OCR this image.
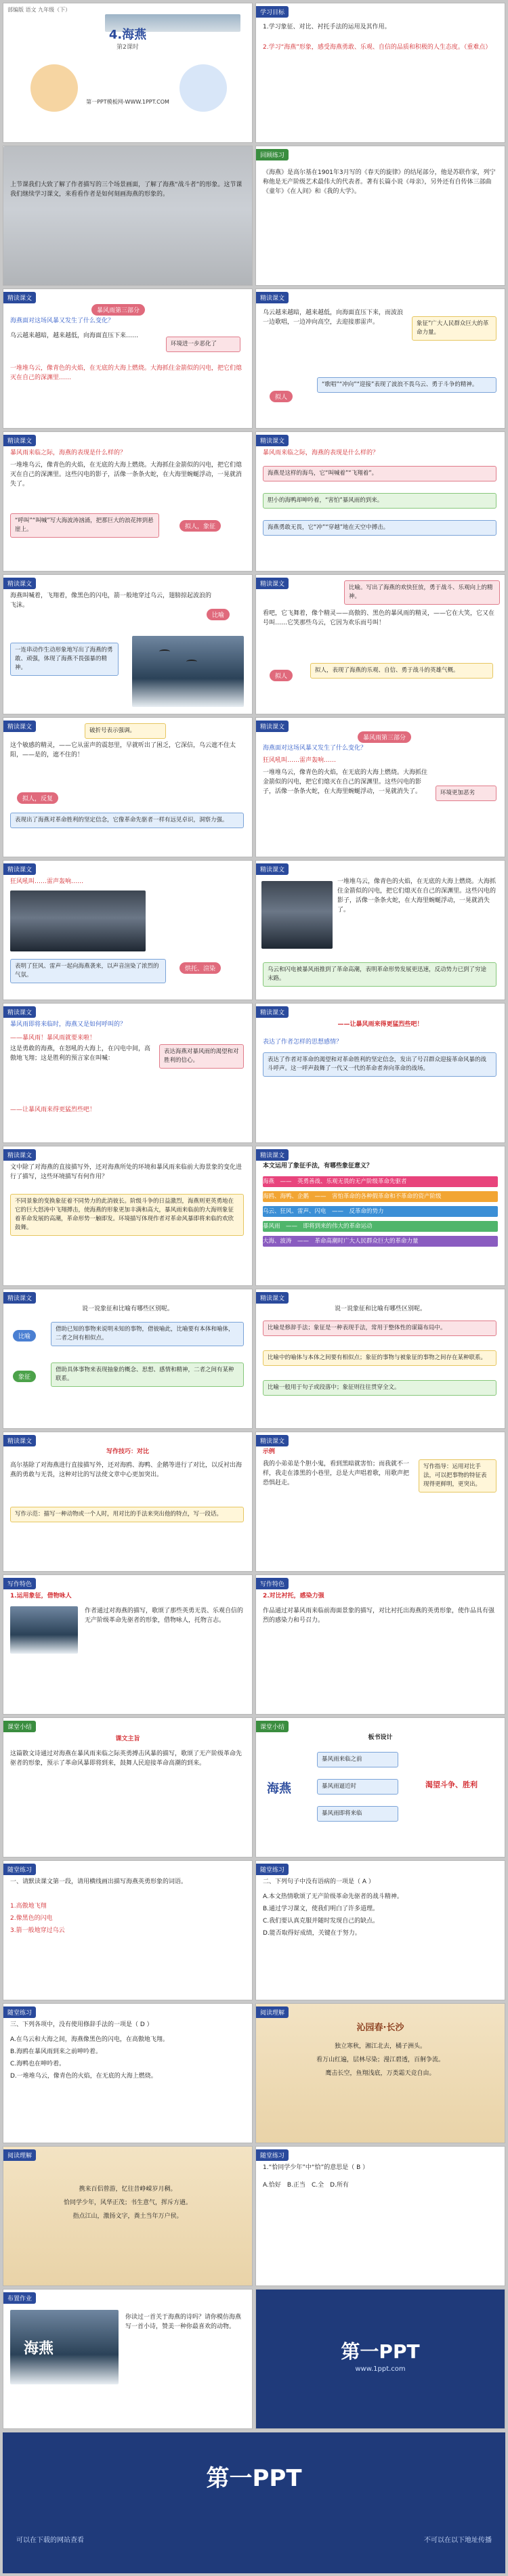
部编版 语文 九年级（下）
4.海燕
第2课时
第一PPT模板网-WWW.1PPT.COM
学习目标
1.学习象征、对比、衬托手法的运用及其作用。
2.学习“海燕”形象，感受海燕勇敢、乐观、自信的品质和积极的人生态度。（重难点）
上节课我们大致了解了作者描写的三个场景画面，了解了海燕“战斗者”的形象。这节课我们继续学习课文，来看看作者是如何刻画海燕的形象的。
回顾练习
《海燕》是高尔基在1901年3月写的《春天的旋律》的结尾部分，他是苏联作家，列宁称他是无产阶级艺术最伟大的代表者。著有长篇小说《母亲》，另外还有自传体三部曲《童年》《在人间》和《我的大学》。
精读课文
暴风雨第三部分
海燕面对这场风暴又发生了什么变化？
乌云越来越暗，越来越低，向海面直压下来……
环境进一步恶化了
一堆堆乌云，像青色的火焰，在无底的大海上燃烧。大海抓住金箭似的闪电，把它们熄灭在自己的深渊里……
精读课文
乌云越来越暗，越来越低，向海面直压下来，而波浪一边歌唱，一边冲向高空，去迎接那雷声。	象征”广大人民群众巨大的革命力量。
拟人
“歌唱”“冲向”“迎接”表现了波浪不畏乌云、勇于斗争的精神。
精读课文
暴风雨来临之际，海燕的表现是什么样的？
一堆堆乌云，像青色的火焰，在无底的大海上燃烧。大海抓住金箭似的闪电，把它们熄灭在自己的深渊里。这些闪电的影子，活像一条条火蛇，在大海里蜿蜒浮动，一晃就消失了。
“呼叫”“叫喊”写大海波涛汹涌，把那巨大的浪花摔到悬崖上。	拟人，象征
精读课文
暴风雨来临之际，海燕的表现是什么样的？
海燕是这样的海鸟，它“叫喊着”“飞翔着”。
胆小的海鸭却呻吟着，“害怕”暴风雨的到来。
海燕勇敢无畏，它“冲”“穿越”地在天空中搏击。
精读课文
海燕叫喊着，飞翔着，像黑色的闪电，箭一般地穿过乌云，翅膀掠起波浪的飞沫。
比喻
一连串动作生动形象地写出了海燕的勇敢、顽强，体现了海燕不畏强暴的精神。
精读课文	比喻。写出了海燕的欢快狂放，勇于战斗、乐观向上的精神。
看吧，它飞舞着，像个精灵——高傲的、黑色的暴风雨的精灵，——它在大笑，它又在号叫……它笑那些乌云，它因为欢乐而号叫！
拟人
拟人，表现了海燕的乐观、自信、勇于战斗的英雄气概。
精读课文	破折号表示强调。
这个敏感的精灵，——它从雷声的震怒里，早就听出了困乏，它深信，乌云遮不住太阳，——是的，遮不住的！
拟人，反复
表现出了海燕对革命胜利的坚定信念，它像革命先驱者一样有远见卓识，洞察力强。
精读课文
暴风雨第三部分
海燕面对这场风暴又发生了什么变化？
狂风吼叫……雷声轰响……
一堆堆乌云，像青色的火焰，在无底的大海上燃烧。大海抓住金箭似的闪电，把它们熄灭在自己的深渊里。这些闪电的影子，活像一条条火蛇，在大海里蜿蜒浮动，一晃就消失了。	环境更加恶劣
精读课文
狂风吼叫……雷声轰响……
表明了狂风、雷声一起向海燕袭来，以声音渲染了浓烈的气氛。
烘托、渲染
精读课文
一堆堆乌云，像青色的火焰，在无底的大海上燃烧。大海抓住金箭似的闪电，把它们熄灭在自己的深渊里。这些闪电的影子，活像一条条火蛇，在大海里蜿蜒浮动，一晃就消失了。
乌云和闪电被暴风雨推到了革命高潮，表明革命形势发展更迅速，反动势力已到了穷途末路。
精读课文
暴风雨即将来临时，海燕又是如何呼叫的？
——暴风雨！暴风雨就要来啦！
这是勇敢的海燕，在怒吼的大海上，在闪电中间，高傲地飞翔；这是胜利的预言家在叫喊：
表达海燕对暴风雨的渴望和对胜利的信心。
——让暴风雨来得更猛烈些吧！
精读课文
——让暴风雨来得更猛烈些吧！
表达了作者怎样的思想感情？
表达了作者对革命的渴望和对革命胜利的坚定信念，发出了号召群众迎接革命风暴的战斗呼声。这一呼声鼓舞了一代又一代的革命者奔向革命的战场。
精读课文
文中除了对海燕的直接描写外，还对海燕所处的环境和暴风雨来临前大海景象的变化进行了描写，这些环境描写有何作用？
不同景象的变换象征着不同势力的此消彼长。阶级斗争的日益激烈，海燕则更英勇地在它的巨大怒涛中飞翔搏击，使海燕的形象更加丰满和高大，暴风雨来临前的大海则象征着革命发展的高潮，革命形势一触即发。环境描写体现作者对革命风暴即将来临的欢欣鼓舞。
精读课文
本文运用了象征手法，有哪些象征意义？
海燕　——　英勇善战、乐观无畏的无产阶级革命先驱者
海鸥、海鸭、企鹅　——　害怕革命的各种假革命和不革命的资产阶级
乌云、狂风、雷声、闪电　——　反革命的势力
暴风雨　——　即将到来的伟大的革命运动
大海、波涛　——　革命高潮时广大人民群众巨大的革命力量
精读课文
说一说象征和比喻有哪些区别呢。
比喻
借助已知的事物来说明未知的事物，借彼喻此，比喻要有本体和喻体，二者之间有相似点。
象征
借助具体事物来表现抽象的概念、思想、感情和精神，二者之间有某种联系。
精读课文
说一说象征和比喻有哪些区别呢。
比喻是修辞手法；象征是一种表现手法，常用于整体性的谋篇布局中。
比喻中的喻体与本体之间要有相似点；象征的事物与被象征的事物之间存在某种联系。
比喻一般用于句子或段落中；象征则往往贯穿全文。
精读课文
写作技巧：对比
高尔基除了对海燕进行直接描写外，还对海鸥、海鸭、企鹅等进行了对比，以反衬出海燕的勇敢与无畏，这种对比的写法使文章中心更加突出。
写作示范：描写一种动物或一个人时，用对比的手法来突出他的特点，写一段话。
精读课文
示例
我的小弟弟是个胆小鬼，看到黑暗就害怕；而我就不一样，我走在漆黑的小巷里，总是大声唱着歌，用歌声把恐惧赶走。
写作指导：运用对比手法，可以把事物的特征表现得更鲜明，更突出。
写作特色
1.运用象征，借物咏人
作者通过对海燕的描写，歌颂了那些英勇无畏、乐观自信的无产阶级革命先驱者的形象，借物咏人，托物言志。
写作特色
2.对比衬托，感染力强
作品通过对暴风雨来临前海面景象的描写，对比衬托出海燕的英勇形象，使作品具有强烈的感染力和号召力。
课堂小结
课文主旨
这篇散文诗通过对海燕在暴风雨来临之际英勇搏击风暴的描写，歌颂了无产阶级革命先驱者的形象，预示了革命风暴即将到来，鼓舞人民迎接革命高潮的到来。
课堂小结
板书设计
海燕
暴风雨来临之前
暴风雨逼近时
暴风雨即将来临
渴望斗争、胜利
随堂练习
一、请默读课文第一段，请用横线画出描写海燕英勇形象的词语。
1.高傲地飞翔
2.像黑色的闪电
3.箭一般地穿过乌云
随堂练习
二、下列句子中没有语病的一项是（ A ）
A.本文热情歌颂了无产阶级革命先驱者的战斗精神。
B.通过学习课文，使我们明白了许多道理。
C.我们要认真克服并随时发现自己的缺点。
D.能否取得好成绩，关键在于努力。
随堂练习
三、下列各项中，没有使用修辞手法的一项是（ D ）
A.在乌云和大海之间，海燕像黑色的闪电，在高傲地飞翔。
B.海鸥在暴风雨到来之前呻吟着。
C.海鸭也在呻吟着。
D.一堆堆乌云，像青色的火焰，在无底的大海上燃烧。
阅读理解
沁园春·长沙
独立寒秋，湘江北去，橘子洲头。
看万山红遍，层林尽染；漫江碧透，百舸争流。
鹰击长空，鱼翔浅底，万类霜天竞自由。
阅读理解
携来百侣曾游，忆往昔峥嵘岁月稠。
恰同学少年，风华正茂；书生意气，挥斥方遒。
指点江山，激扬文字，粪土当年万户侯。
随堂练习
1.“恰同学少年”中“恰”的意思是（ B ）
A.恰好　 B.正当　 C.全　 D.所有
布置作业
海燕
你读过一首关于海燕的诗吗？请你模仿海燕写一首小诗，赞美一种你最喜欢的动物。
第一PPT
www.1ppt.com
第一PPT
可以在下载的网站查看	不可以在以下地址传播
